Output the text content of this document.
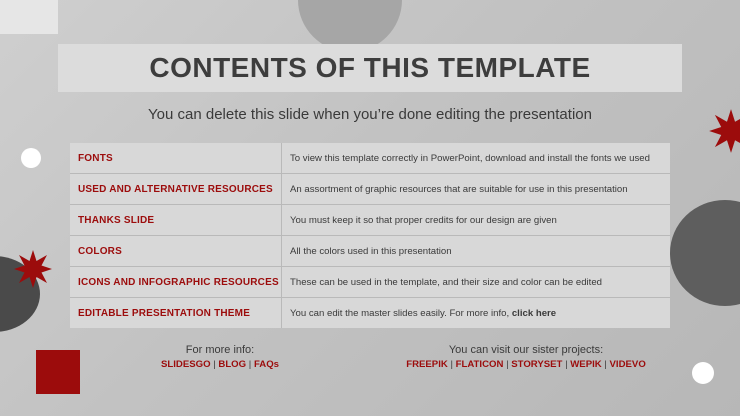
CONTENTS OF THIS TEMPLATE
You can delete this slide when you’re done editing the presentation
FONTS	To view this template correctly in PowerPoint, download and install the fonts we used
USED AND ALTERNATIVE RESOURCES	An assortment of graphic resources that are suitable for use in this presentation
THANKS SLIDE	You must keep it so that proper credits for our design are given
COLORS	All the colors used in this presentation
ICONS AND INFOGRAPHIC RESOURCES	These can be used in the template, and their size and color can be edited
EDITABLE PRESENTATION THEME	You can edit the master slides easily. For more info, click here
For more info:
SLIDESGO | BLOG | FAQs
You can visit our sister projects:
FREEPIK | FLATICON | STORYSET | WEPIK | VIDEVO
